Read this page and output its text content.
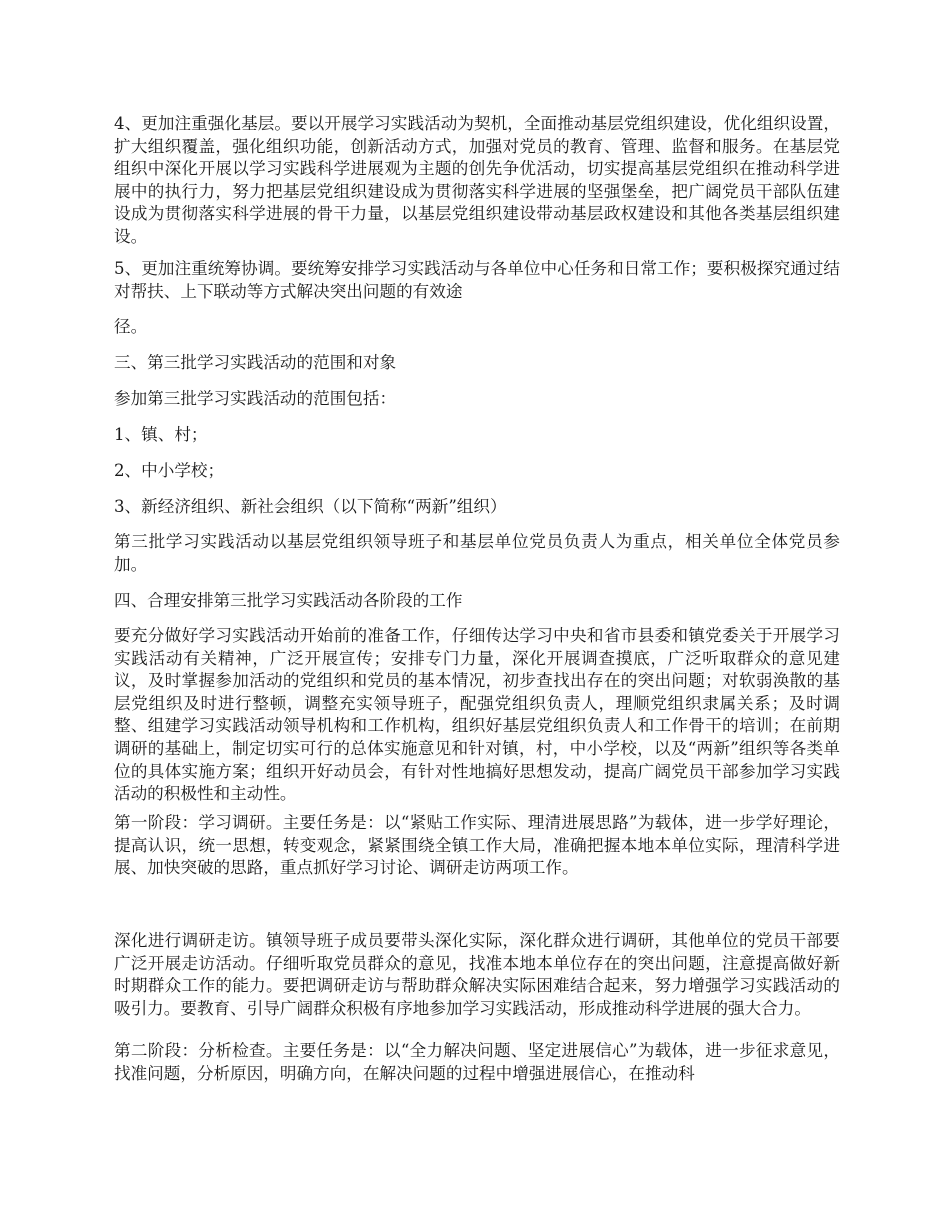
4、更加注重强化基层。要以开展学习实践活动为契机，全面推动基层党组织建设，优化组织设置，扩大组织覆盖，强化组织功能，创新活动方式，加强对党员的教育、管理、监督和服务。在基层党组织中深化开展以学习实践科学进展观为主题的创先争优活动，切实提高基层党组织在推动科学进展中的执行力，努力把基层党组织建设成为贯彻落实科学进展的坚强堡垒，把广阔党员干部队伍建设成为贯彻落实科学进展的骨干力量，以基层党组织建设带动基层政权建设和其他各类基层组织建设。

5、更加注重统筹协调。要统筹安排学习实践活动与各单位中心任务和日常工作；要积极探究通过结对帮扶、上下联动等方式解决突出问题的有效途

径。

三、第三批学习实践活动的范围和对象

参加第三批学习实践活动的范围包括：

1、镇、村；

2、中小学校；

3、新经济组织、新社会组织（以下简称“两新”组织）

第三批学习实践活动以基层党组织领导班子和基层单位党员负责人为重点，相关单位全体党员参加。

四、合理安排第三批学习实践活动各阶段的工作

要充分做好学习实践活动开始前的准备工作，仔细传达学习中央和省市县委和镇党委关于开展学习实践活动有关精神，广泛开展宣传；安排专门力量，深化开展调查摸底，广泛听取群众的意见建议，及时掌握参加活动的党组织和党员的基本情况，初步查找出存在的突出问题；对软弱涣散的基层党组织及时进行整顿，调整充实领导班子，配强党组织负责人，理顺党组织隶属关系；及时调整、组建学习实践活动领导机构和工作机构，组织好基层党组织负责人和工作骨干的培训；在前期调研的基础上，制定切实可行的总体实施意见和针对镇，村，中小学校，以及“两新”组织等各类单位的具体实施方案；组织开好动员会，有针对性地搞好思想发动，提高广阔党员干部参加学习实践活动的积极性和主动性。

第一阶段：学习调研。主要任务是：以“紧贴工作实际、理清进展思路”为载体，进一步学好理论，提高认识，统一思想，转变观念，紧紧围绕全镇工作大局，准确把握本地本单位实际，理清科学进展、加快突破的思路，重点抓好学习讨论、调研走访两项工作。

深化进行调研走访。镇领导班子成员要带头深化实际，深化群众进行调研，其他单位的党员干部要广泛开展走访活动。仔细听取党员群众的意见，找准本地本单位存在的突出问题，注意提高做好新时期群众工作的能力。要把调研走访与帮助群众解决实际困难结合起来，努力增强学习实践活动的吸引力。要教育、引导广阔群众积极有序地参加学习实践活动，形成推动科学进展的强大合力。

第二阶段：分析检查。主要任务是：以“全力解决问题、坚定进展信心”为载体，进一步征求意见，找准问题，分析原因，明确方向，在解决问题的过程中增强进展信心，在推动科
